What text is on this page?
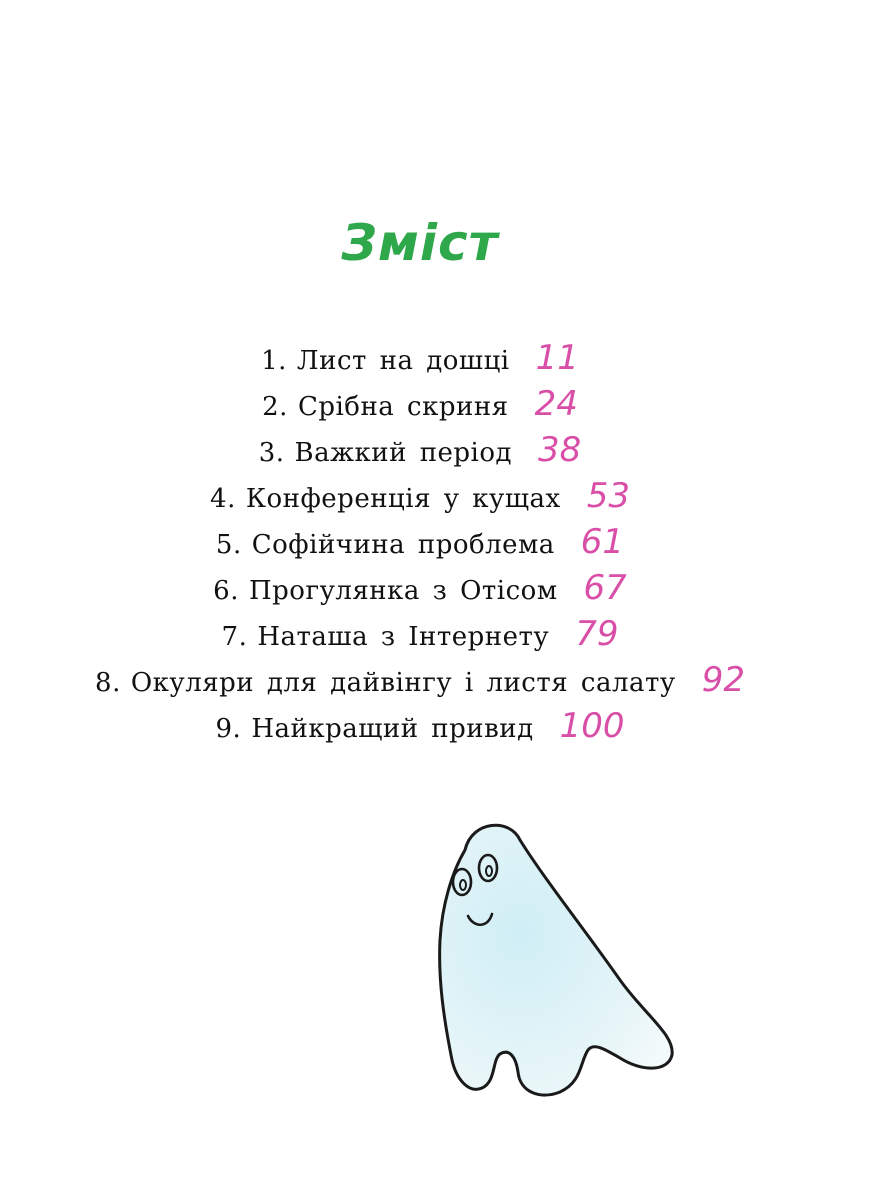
Зміст
1. Лист на дошці 11
2. Срібна скриня 24
3. Важкий період 38
4. Конференція у кущах 53
5. Софійчина проблема 61
6. Прогулянка з Отісом 67
7. Наташа з Інтернету 79
8. Окуляри для дайвінгу і листя салату 92
9. Найкращий привид 100
